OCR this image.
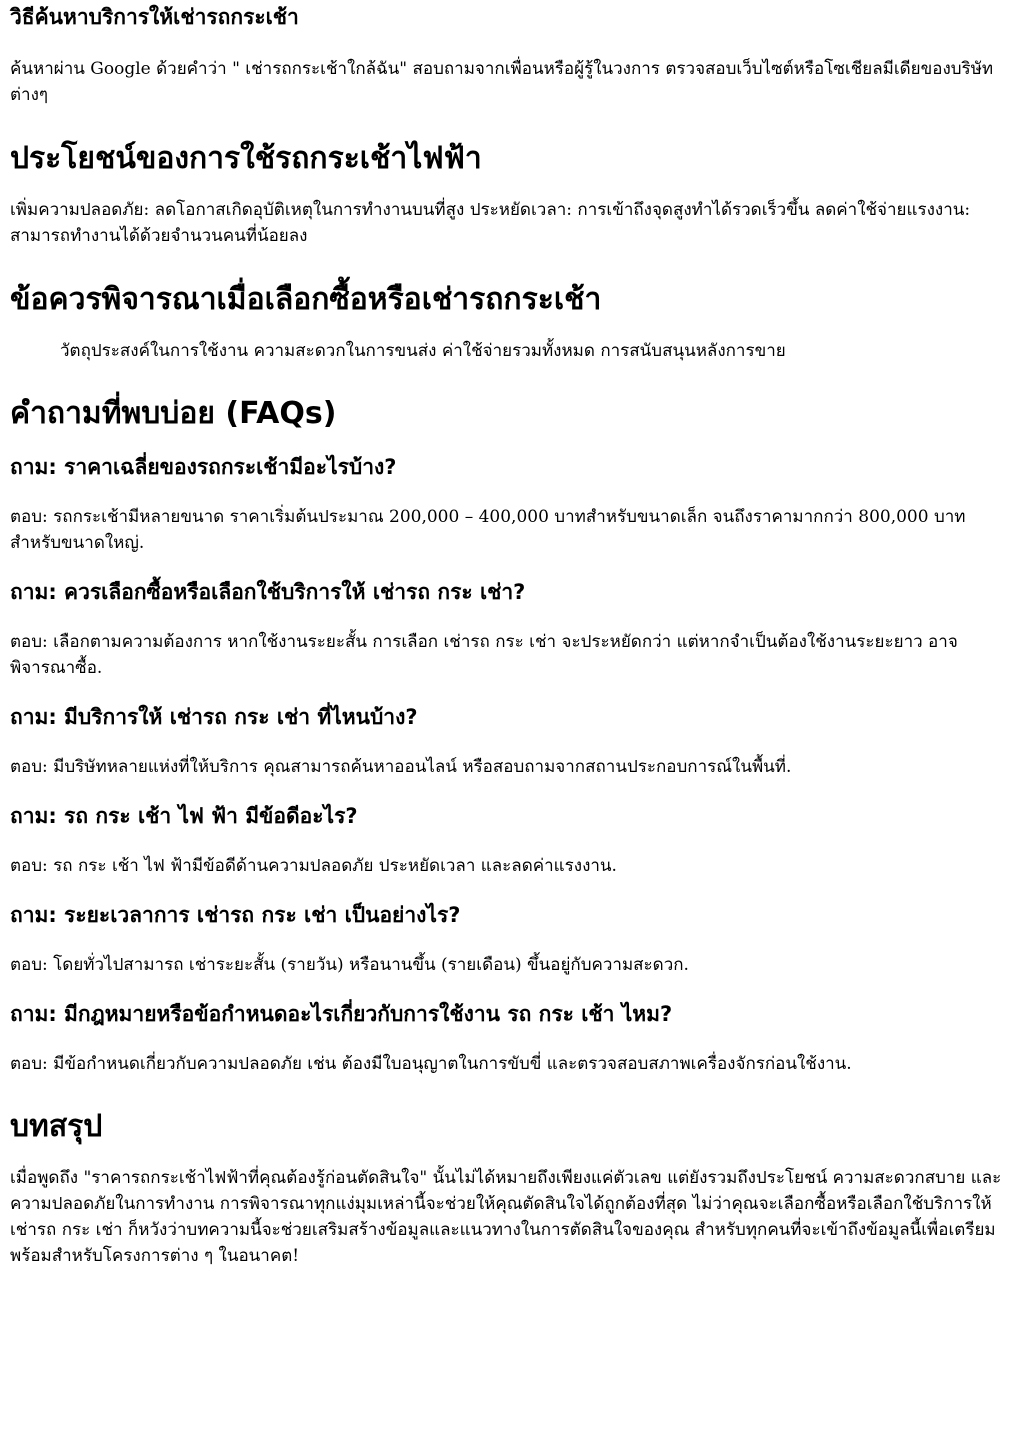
วิธีค้นหาบริการให้เช่ารถกระเช้า

ค้นหาผ่าน Google ด้วยคำว่า " เช่ารถกระเช้าใกล้ฉัน" สอบถามจากเพื่อนหรือผู้รู้ในวงการ ตรวจสอบเว็บไซต์หรือโซเชียลมีเดียของบริษัทต่างๆ

ประโยชน์ของการใช้รถกระเช้าไฟฟ้า

เพิ่มความปลอดภัย: ลดโอกาสเกิดอุบัติเหตุในการทำงานบนที่สูง ประหยัดเวลา: การเข้าถึงจุดสูงทำได้รวดเร็วขึ้น ลดค่าใช้จ่ายแรงงาน: สามารถทำงานได้ด้วยจำนวนคนที่น้อยลง

ข้อควรพิจารณาเมื่อเลือกซื้อหรือเช่ารถกระเช้า

วัตถุประสงค์ในการใช้งาน ความสะดวกในการขนส่ง ค่าใช้จ่ายรวมทั้งหมด การสนับสนุนหลังการขาย

คำถามที่พบบ่อย (FAQs)
ถาม: ราคาเฉลี่ยของรถกระเช้ามีอะไรบ้าง?

ตอบ: รถกระเช้ามีหลายขนาด ราคาเริ่มต้นประมาณ 200,000 – 400,000 บาทสำหรับขนาดเล็ก จนถึงราคามากกว่า 800,000 บาทสำหรับขนาดใหญ่.

ถาม: ควรเลือกซื้อหรือเลือกใช้บริการให้ เช่ารถ กระ เช่า?

ตอบ: เลือกตามความต้องการ หากใช้งานระยะสั้น การเลือก เช่ารถ กระ เช่า จะประหยัดกว่า แต่หากจำเป็นต้องใช้งานระยะยาว อาจพิจารณาซื้อ.

ถาม: มีบริการให้ เช่ารถ กระ เช่า ที่ไหนบ้าง?

ตอบ: มีบริษัทหลายแห่งที่ให้บริการ คุณสามารถค้นหาออนไลน์ หรือสอบถามจากสถานประกอบการณ์ในพื้นที่.

ถาม: รถ กระ เช้า ไฟ ฟ้า มีข้อดีอะไร?

ตอบ: รถ กระ เช้า ไฟ ฟ้ามีข้อดีด้านความปลอดภัย ประหยัดเวลา และลดค่าแรงงาน.

ถาม: ระยะเวลาการ เช่ารถ กระ เช่า เป็นอย่างไร?

ตอบ: โดยทั่วไปสามารถ เช่าระยะสั้น (รายวัน) หรือนานขึ้น (รายเดือน) ขึ้นอยู่กับความสะดวก.

ถาม: มีกฎหมายหรือข้อกำหนดอะไรเกี่ยวกับการใช้งาน รถ กระ เช้า ไหม?

ตอบ: มีข้อกำหนดเกี่ยวกับความปลอดภัย เช่น ต้องมีใบอนุญาตในการขับขี่ และตรวจสอบสภาพเครื่องจักรก่อนใช้งาน.

บทสรุป

เมื่อพูดถึง "ราคารถกระเช้าไฟฟ้าที่คุณต้องรู้ก่อนตัดสินใจ" นั้นไม่ได้หมายถึงเพียงแค่ตัวเลข แต่ยังรวมถึงประโยชน์ ความสะดวกสบาย และความปลอดภัยในการทำงาน การพิจารณาทุกแง่มุมเหล่านี้จะช่วยให้คุณตัดสินใจได้ถูกต้องที่สุด ไม่ว่าคุณจะเลือกซื้อหรือเลือกใช้บริการให้ เช่ารถ กระ เช่า ก็หวังว่าบทความนี้จะช่วยเสริมสร้างข้อมูลและแนวทางในการตัดสินใจของคุณ สำหรับทุกคนที่จะเข้าถึงข้อมูลนี้เพื่อเตรียมพร้อมสำหรับโครงการต่าง ๆ ในอนาคต!
